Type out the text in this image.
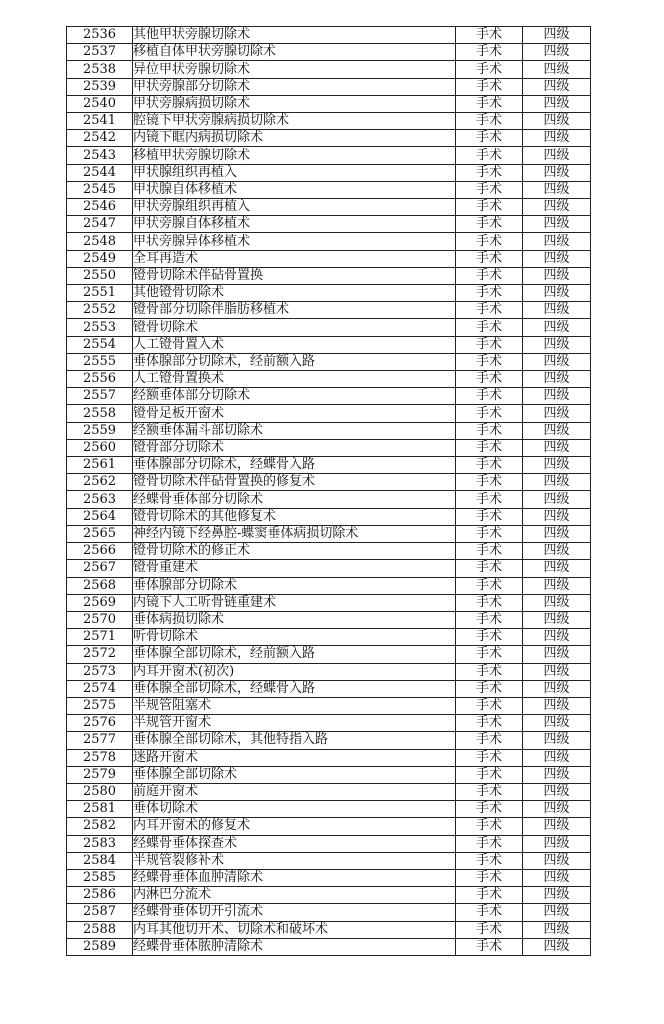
2536	其他甲状旁腺切除术	手术	四级
2537	移植自体甲状旁腺切除术	手术	四级
2538	异位甲状旁腺切除术	手术	四级
2539	甲状旁腺部分切除术	手术	四级
2540	甲状旁腺病损切除术	手术	四级
2541	腔镜下甲状旁腺病损切除术	手术	四级
2542	内镜下眶内病损切除术	手术	四级
2543	移植甲状旁腺切除术	手术	四级
2544	甲状腺组织再植入	手术	四级
2545	甲状腺自体移植术	手术	四级
2546	甲状旁腺组织再植入	手术	四级
2547	甲状旁腺自体移植术	手术	四级
2548	甲状旁腺异体移植术	手术	四级
2549	全耳再造术	手术	四级
2550	镫骨切除术伴砧骨置换	手术	四级
2551	其他镫骨切除术	手术	四级
2552	镫骨部分切除伴脂肪移植术	手术	四级
2553	镫骨切除术	手术	四级
2554	人工镫骨置入术	手术	四级
2555	垂体腺部分切除术，经前额入路	手术	四级
2556	人工镫骨置换术	手术	四级
2557	经额垂体部分切除术	手术	四级
2558	镫骨足板开窗术	手术	四级
2559	经额垂体漏斗部切除术	手术	四级
2560	镫骨部分切除术	手术	四级
2561	垂体腺部分切除术，经蝶骨入路	手术	四级
2562	镫骨切除术伴砧骨置换的修复术	手术	四级
2563	经蝶骨垂体部分切除术	手术	四级
2564	镫骨切除术的其他修复术	手术	四级
2565	神经内镜下经鼻腔-蝶窦垂体病损切除术	手术	四级
2566	镫骨切除术的修正术	手术	四级
2567	镫骨重建术	手术	四级
2568	垂体腺部分切除术	手术	四级
2569	内镜下人工听骨链重建术	手术	四级
2570	垂体病损切除术	手术	四级
2571	听骨切除术	手术	四级
2572	垂体腺全部切除术，经前额入路	手术	四级
2573	内耳开窗术(初次)	手术	四级
2574	垂体腺全部切除术，经蝶骨入路	手术	四级
2575	半规管阻塞术	手术	四级
2576	半规管开窗术	手术	四级
2577	垂体腺全部切除术，其他特指入路	手术	四级
2578	迷路开窗术	手术	四级
2579	垂体腺全部切除术	手术	四级
2580	前庭开窗术	手术	四级
2581	垂体切除术	手术	四级
2582	内耳开窗术的修复术	手术	四级
2583	经蝶骨垂体探查术	手术	四级
2584	半规管裂修补术	手术	四级
2585	经蝶骨垂体血肿清除术	手术	四级
2586	内淋巴分流术	手术	四级
2587	经蝶骨垂体切开引流术	手术	四级
2588	内耳其他切开术、切除术和破坏术	手术	四级
2589	经蝶骨垂体脓肿清除术	手术	四级
